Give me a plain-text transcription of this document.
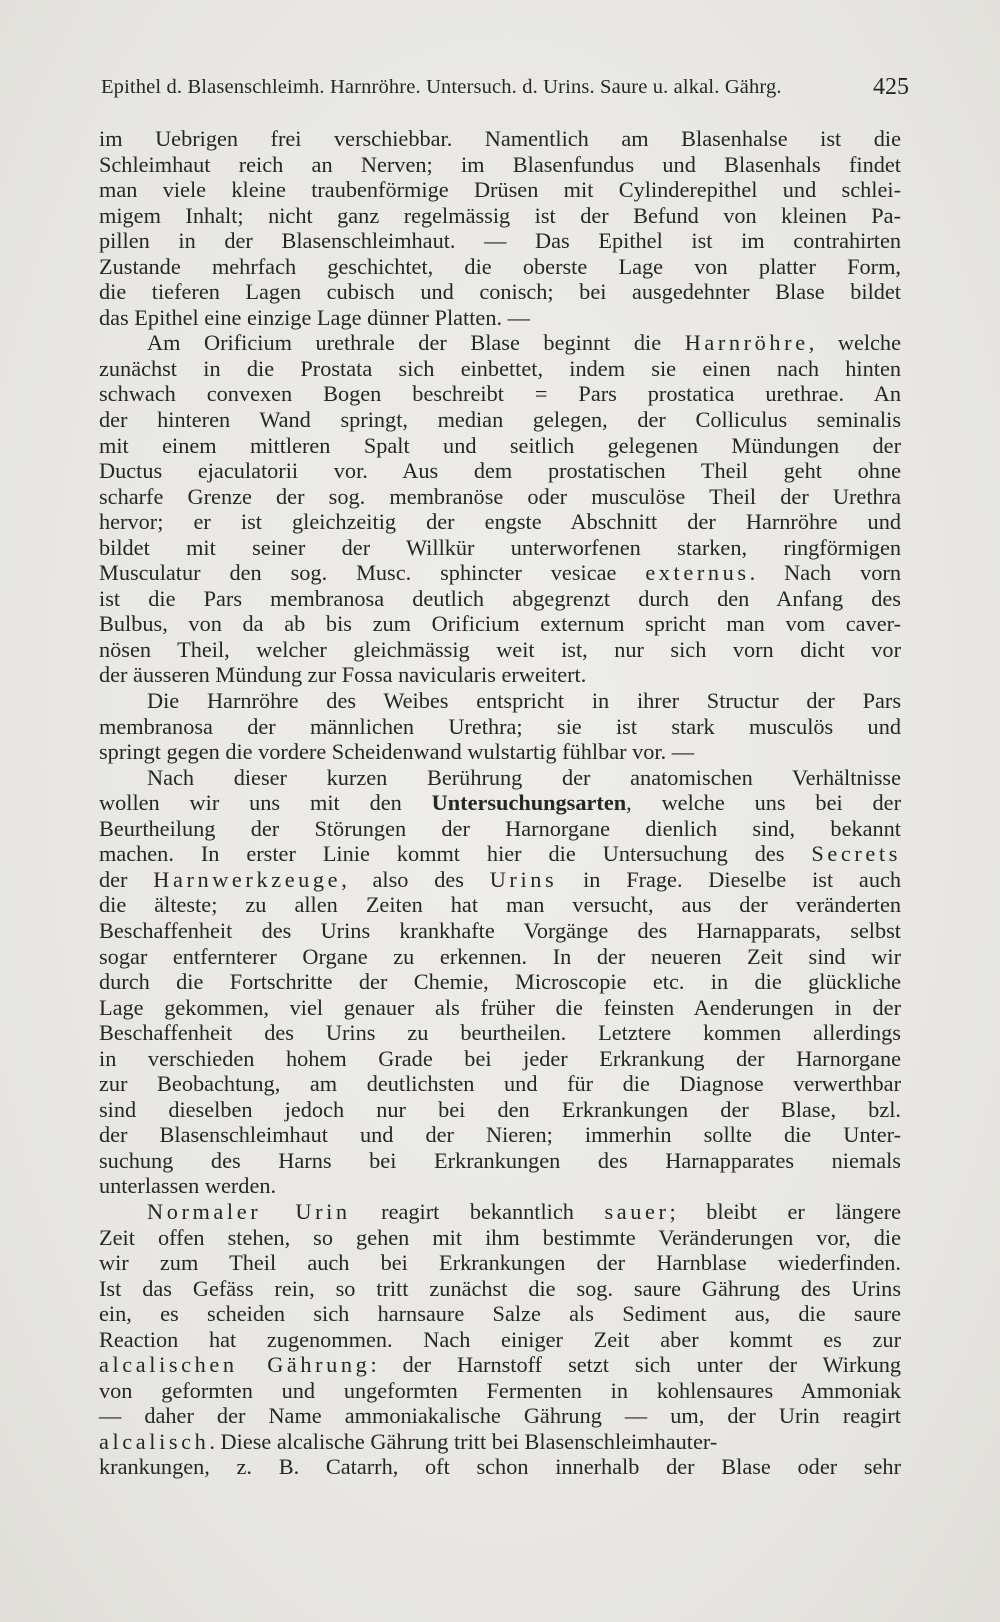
Epithel d. Blasenschleimh. Harnröhre. Untersuch. d. Urins. Saure u. alkal. Gährg.	425
im Uebrigen frei verschiebbar. Namentlich am Blasenhalse ist die
Schleimhaut reich an Nerven; im Blasenfundus und Blasenhals findet
man viele kleine traubenförmige Drüsen mit Cylinderepithel und schlei-
migem Inhalt; nicht ganz regelmässig ist der Befund von kleinen Pa-
pillen in der Blasenschleimhaut. — Das Epithel ist im contrahirten
Zustande mehrfach geschichtet, die oberste Lage von platter Form,
die tieferen Lagen cubisch und conisch; bei ausgedehnter Blase bildet
das Epithel eine einzige Lage dünner Platten. —
Am Orificium urethrale der Blase beginnt die Harnröhre, welche
zunächst in die Prostata sich einbettet, indem sie einen nach hinten
schwach convexen Bogen beschreibt = Pars prostatica urethrae. An
der hinteren Wand springt, median gelegen, der Colliculus seminalis
mit einem mittleren Spalt und seitlich gelegenen Mündungen der
Ductus ejaculatorii vor. Aus dem prostatischen Theil geht ohne
scharfe Grenze der sog. membranöse oder musculöse Theil der Urethra
hervor; er ist gleichzeitig der engste Abschnitt der Harnröhre und
bildet mit seiner der Willkür unterworfenen starken, ringförmigen
Musculatur den sog. Musc. sphincter vesicae externus. Nach vorn
ist die Pars membranosa deutlich abgegrenzt durch den Anfang des
Bulbus, von da ab bis zum Orificium externum spricht man vom caver-
nösen Theil, welcher gleichmässig weit ist, nur sich vorn dicht vor
der äusseren Mündung zur Fossa navicularis erweitert.
Die Harnröhre des Weibes entspricht in ihrer Structur der Pars
membranosa der männlichen Urethra; sie ist stark musculös und
springt gegen die vordere Scheidenwand wulstartig fühlbar vor. —
Nach dieser kurzen Berührung der anatomischen Verhältnisse
wollen wir uns mit den Untersuchungsarten, welche uns bei der
Beurtheilung der Störungen der Harnorgane dienlich sind, bekannt
machen. In erster Linie kommt hier die Untersuchung des Secrets
der Harnwerkzeuge, also des Urins in Frage. Dieselbe ist auch
die älteste; zu allen Zeiten hat man versucht, aus der veränderten
Beschaffenheit des Urins krankhafte Vorgänge des Harnapparats, selbst
sogar entfernterer Organe zu erkennen. In der neueren Zeit sind wir
durch die Fortschritte der Chemie, Microscopie etc. in die glückliche
Lage gekommen, viel genauer als früher die feinsten Aenderungen in der
Beschaffenheit des Urins zu beurtheilen. Letztere kommen allerdings
in verschieden hohem Grade bei jeder Erkrankung der Harnorgane
zur Beobachtung, am deutlichsten und für die Diagnose verwerthbar
sind dieselben jedoch nur bei den Erkrankungen der Blase, bzl.
der Blasenschleimhaut und der Nieren; immerhin sollte die Unter-
suchung des Harns bei Erkrankungen des Harnapparates niemals
unterlassen werden.
Normaler Urin reagirt bekanntlich sauer; bleibt er längere
Zeit offen stehen, so gehen mit ihm bestimmte Veränderungen vor, die
wir zum Theil auch bei Erkrankungen der Harnblase wiederfinden.
Ist das Gefäss rein, so tritt zunächst die sog. saure Gährung des Urins
ein, es scheiden sich harnsaure Salze als Sediment aus, die saure
Reaction hat zugenommen. Nach einiger Zeit aber kommt es zur
alcalischen Gährung: der Harnstoff setzt sich unter der Wirkung
von geformten und ungeformten Fermenten in kohlensaures Ammoniak
— daher der Name ammoniakalische Gährung — um, der Urin reagirt
alcalisch. Diese alcalische Gährung tritt bei Blasenschleimhauter-
krankungen, z. B. Catarrh, oft schon innerhalb der Blase oder sehr
